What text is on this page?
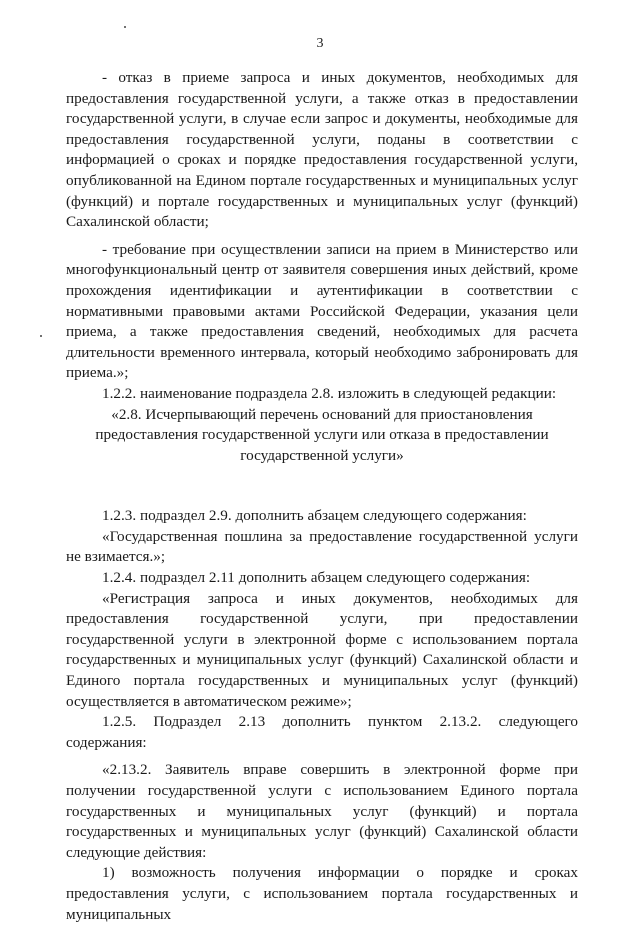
3

- отказ в приеме запроса и иных документов, необходимых для предоставления государственной услуги, а также отказ в предоставлении государственной услуги, в случае если запрос и документы, необходимые для предоставления государственной услуги, поданы в соответствии с информацией о сроках и порядке предоставления государственной услуги, опубликованной на Едином портале государственных и муниципальных услуг (функций) и портале государственных и муниципальных услуг (функций) Сахалинской области;

- требование при осуществлении записи на прием в Министерство или многофункциональный центр от заявителя совершения иных действий, кроме прохождения идентификации и аутентификации в соответствии с нормативными правовыми актами Российской Федерации, указания цели приема, а также предоставления сведений, необходимых для расчета длительности временного интервала, который необходимо забронировать для приема.»;

1.2.2. наименование подраздела 2.8. изложить в следующей редакции:

«2.8. Исчерпывающий перечень оснований для приостановления предоставления государственной услуги или отказа в предоставлении государственной услуги»

1.2.3. подраздел 2.9. дополнить абзацем следующего содержания:

«Государственная пошлина за предоставление государственной услуги не взимается.»;

1.2.4. подраздел 2.11 дополнить абзацем следующего содержания:

«Регистрация запроса и иных документов, необходимых для предоставления государственной услуги, при предоставлении государственной услуги в электронной форме с использованием портала государственных и муниципальных услуг (функций) Сахалинской области и Единого портала государственных и муниципальных услуг (функций) осуществляется в автоматическом режиме»;

1.2.5. Подраздел 2.13 дополнить пунктом 2.13.2. следующего содержания:

«2.13.2. Заявитель вправе совершить в электронной форме при получении государственной услуги с использованием Единого портала государственных и муниципальных услуг (функций) и портала государственных и муниципальных услуг (функций) Сахалинской области следующие действия:

1) возможность получения информации о порядке и сроках предоставления услуги, с использованием портала государственных и муниципальных
